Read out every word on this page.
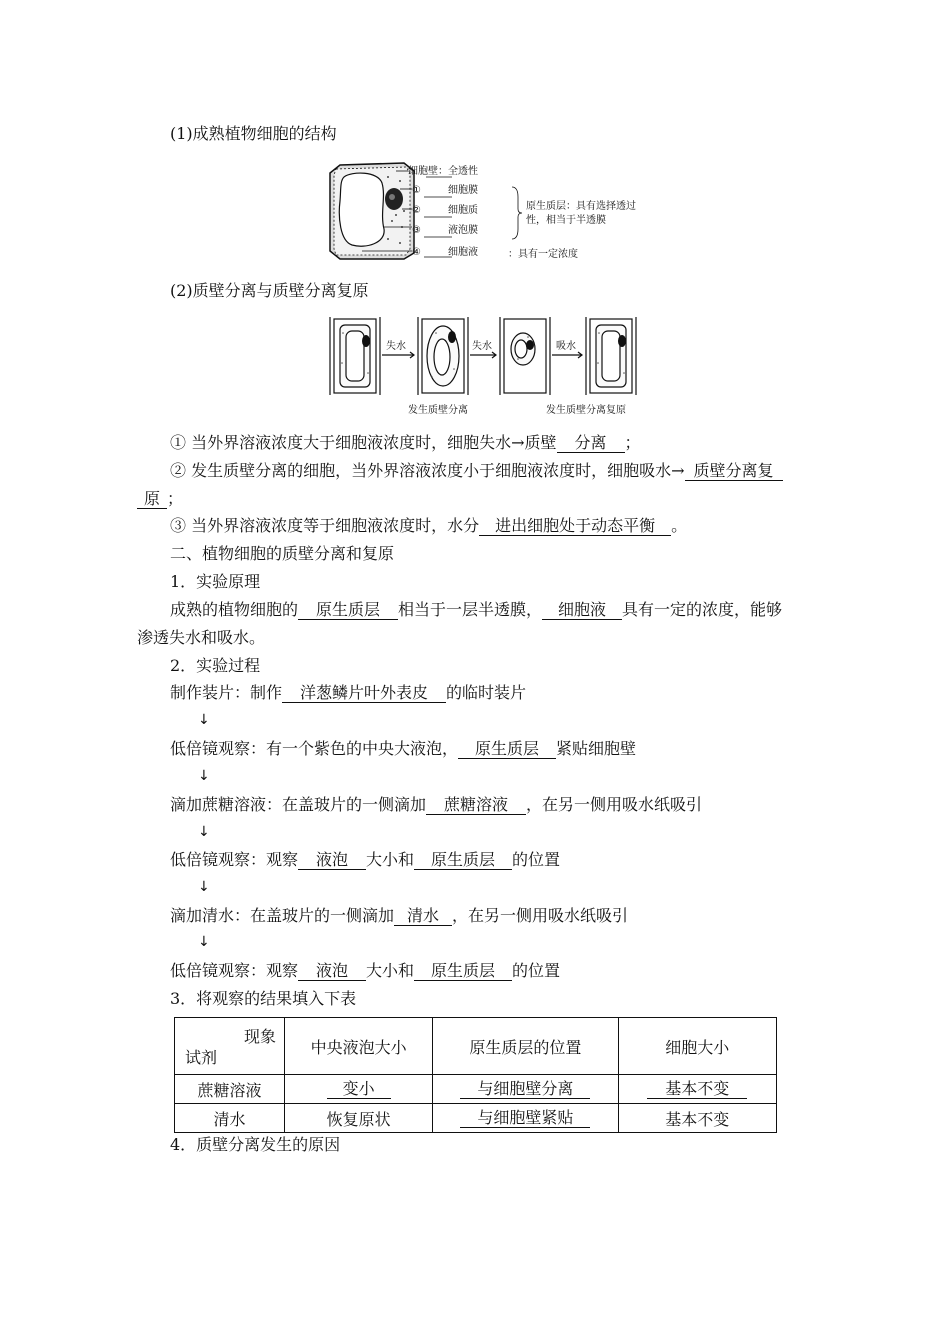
(1)成熟植物细胞的结构
细胞壁：全透性
①	细胞膜
②	细胞质
③	液泡膜
④	细胞液	：具有一定浓度
原生质层：具有选择透过
性，相当于半透膜
(2)质壁分离与质壁分离复原
失水	失水	吸水
发生质壁分离	发生质壁分离复原
① 当外界溶液浓度大于细胞液浓度时，细胞失水→质壁 分离 ；
② 发生质壁分离的细胞，当外界溶液浓度小于细胞液浓度时，细胞吸水→ 质壁分离复
原 ；
③ 当外界溶液浓度等于细胞液浓度时，水分 进出细胞处于动态平衡 。
二、植物细胞的质壁分离和复原
1．实验原理
成熟的植物细胞的 原生质层 相当于一层半透膜， 细胞液 具有一定的浓度，能够
渗透失水和吸水。
2．实验过程
制作装片：制作 洋葱鳞片叶外表皮 的临时装片
↓
低倍镜观察：有一个紫色的中央大液泡， 原生质层 紧贴细胞壁
↓
滴加蔗糖溶液：在盖玻片的一侧滴加 蔗糖溶液 ，在另一侧用吸水纸吸引
↓
低倍镜观察：观察 液泡 大小和 原生质层 的位置
↓
滴加清水：在盖玻片的一侧滴加 清水 ，在另一侧用吸水纸吸引
↓
低倍镜观察：观察 液泡 大小和 原生质层 的位置
3．将观察的结果填入下表
现象
试剂	中央液泡大小	原生质层的位置	细胞大小
蔗糖溶液	变小	与细胞壁分离	基本不变
清水	恢复原状	与细胞壁紧贴	基本不变
4．质壁分离发生的原因
